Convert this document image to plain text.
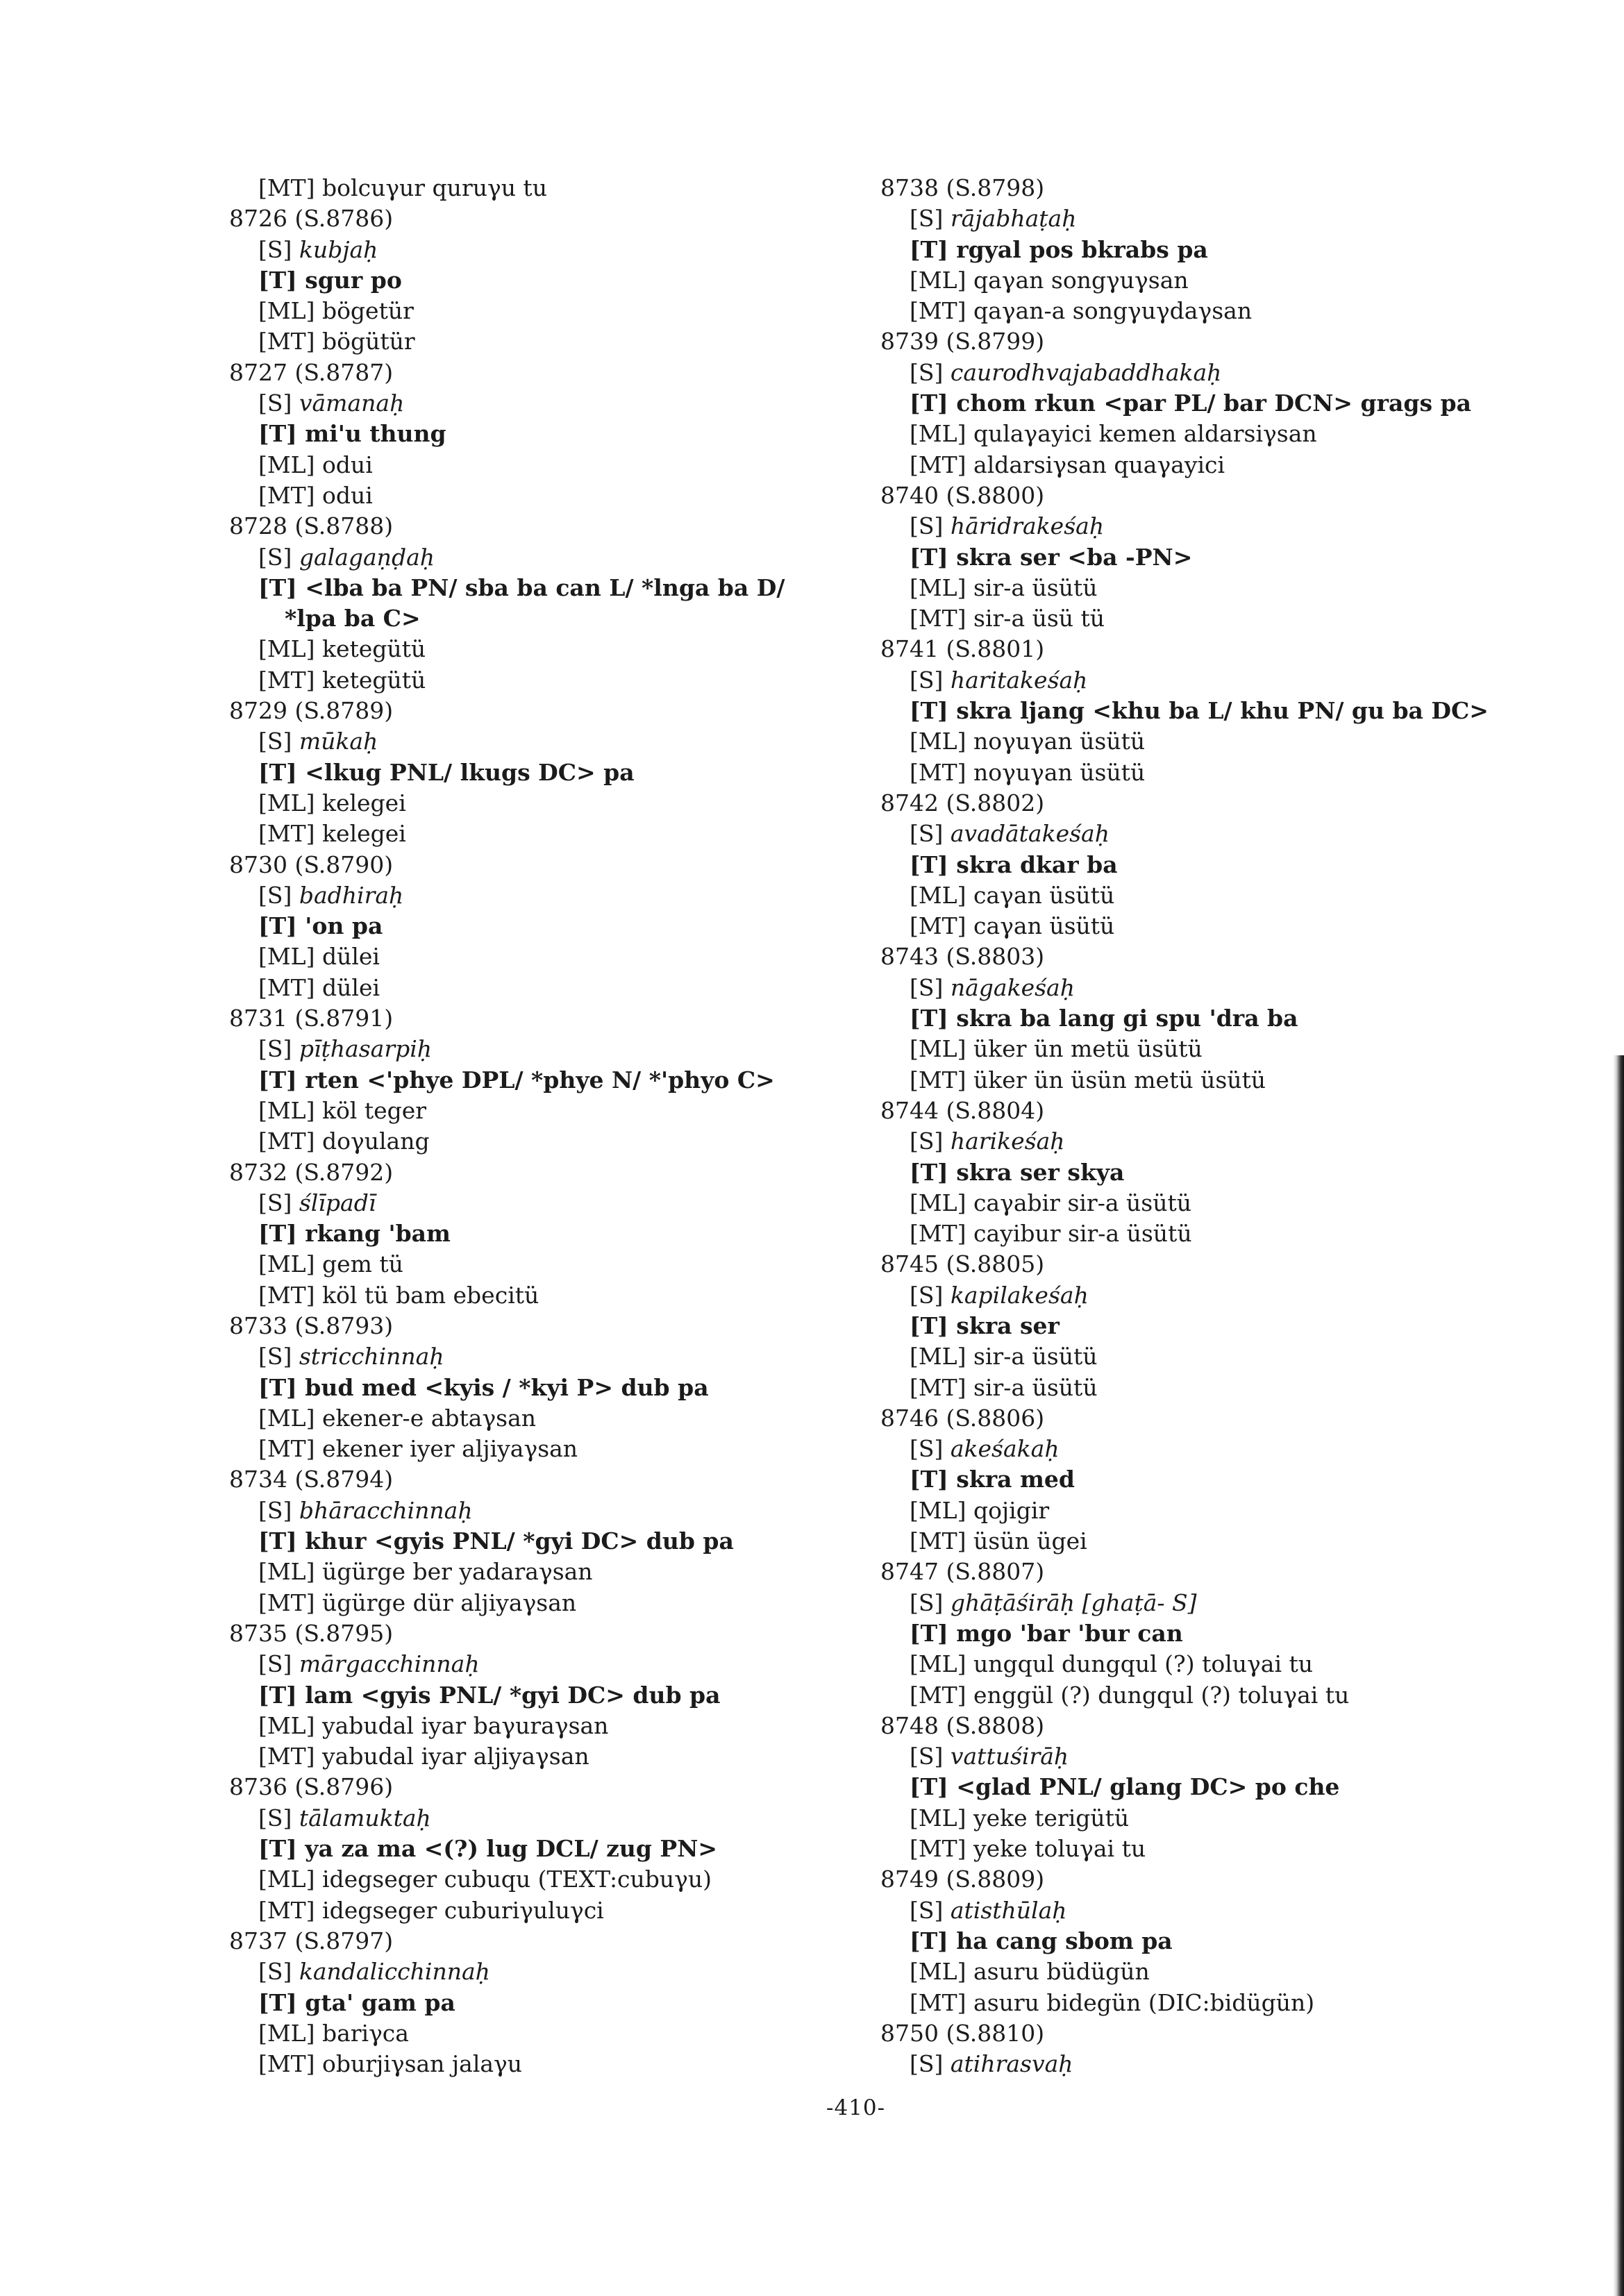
[MT] bolcuγur quruγu tu
8726 (S.8786)
[S] kubjaḥ
[T] sgur po
[ML] bögetür
[MT] bögütür
8727 (S.8787)
[S] vāmanaḥ
[T] mi'u thung
[ML] odui
[MT] odui
8728 (S.8788)
[S] galagaṇḍaḥ
[T] <lba ba PN/ sba ba can L/ *lnga ba D/
*lpa ba C>
[ML] ketegütü
[MT] ketegütü
8729 (S.8789)
[S] mūkaḥ
[T] <lkug PNL/ lkugs DC> pa
[ML] kelegei
[MT] kelegei
8730 (S.8790)
[S] badhiraḥ
[T] 'on pa
[ML] dülei
[MT] dülei
8731 (S.8791)
[S] pīṭhasarpiḥ
[T] rten <'phye DPL/ *phye N/ *'phyo C>
[ML] köl teger
[MT] doγulang
8732 (S.8792)
[S] ślīpadī
[T] rkang 'bam
[ML] gem tü
[MT] köl tü bam ebecitü
8733 (S.8793)
[S] stricchinnaḥ
[T] bud med <kyis / *kyi P> dub pa
[ML] ekener-e abtaγsan
[MT] ekener iyer aljiyaγsan
8734 (S.8794)
[S] bhāracchinnaḥ
[T] khur <gyis PNL/ *gyi DC> dub pa
[ML] ügürge ber yadaraγsan
[MT] ügürge dür aljiyaγsan
8735 (S.8795)
[S] mārgacchinnaḥ
[T] lam <gyis PNL/ *gyi DC> dub pa
[ML] yabudal iyar baγuraγsan
[MT] yabudal iyar aljiyaγsan
8736 (S.8796)
[S] tālamuktaḥ
[T] ya za ma <(?) lug DCL/ zug PN>
[ML] idegseger cubuqu (TEXT:cubuγu)
[MT] idegseger cuburiγuluγci
8737 (S.8797)
[S] kandalicchinnaḥ
[T] gta' gam pa
[ML] bariγca
[MT] oburjiγsan jalaγu
8738 (S.8798)
[S] rājabhaṭaḥ
[T] rgyal pos bkrabs pa
[ML] qaγan songγuγsan
[MT] qaγan-a songγuγdaγsan
8739 (S.8799)
[S] caurodhvajabaddhakaḥ
[T] chom rkun <par PL/ bar DCN> grags pa
[ML] qulaγayici kemen aldarsiγsan
[MT] aldarsiγsan quaγayici
8740 (S.8800)
[S] hāridrakeśaḥ
[T] skra ser <ba -PN>
[ML] sir-a üsütü
[MT] sir-a üsü tü
8741 (S.8801)
[S] haritakeśaḥ
[T] skra ljang <khu ba L/ khu PN/ gu ba DC>
[ML] noγuγan üsütü
[MT] noγuγan üsütü
8742 (S.8802)
[S] avadātakeśaḥ
[T] skra dkar ba
[ML] caγan üsütü
[MT] caγan üsütü
8743 (S.8803)
[S] nāgakeśaḥ
[T] skra ba lang gi spu 'dra ba
[ML] üker ün metü üsütü
[MT] üker ün üsün metü üsütü
8744 (S.8804)
[S] harikeśaḥ
[T] skra ser skya
[ML] caγabir sir-a üsütü
[MT] cayibur sir-a üsütü
8745 (S.8805)
[S] kapilakeśaḥ
[T] skra ser
[ML] sir-a üsütü
[MT] sir-a üsütü
8746 (S.8806)
[S] akeśakaḥ
[T] skra med
[ML] qojigir
[MT] üsün ügei
8747 (S.8807)
[S] ghāṭāśirāḥ [ghaṭā- S]
[T] mgo 'bar 'bur can
[ML] ungqul dungqul (?) toluγai tu
[MT] enggül (?) dungqul (?) toluγai tu
8748 (S.8808)
[S] vattuśirāḥ
[T] <glad PNL/ glang DC> po che
[ML] yeke terigütü
[MT] yeke toluγai tu
8749 (S.8809)
[S] atisthūlaḥ
[T] ha cang sbom pa
[ML] asuru büdügün
[MT] asuru bidegün (DIC:bidügün)
8750 (S.8810)
[S] atihrasvaḥ
-410-
